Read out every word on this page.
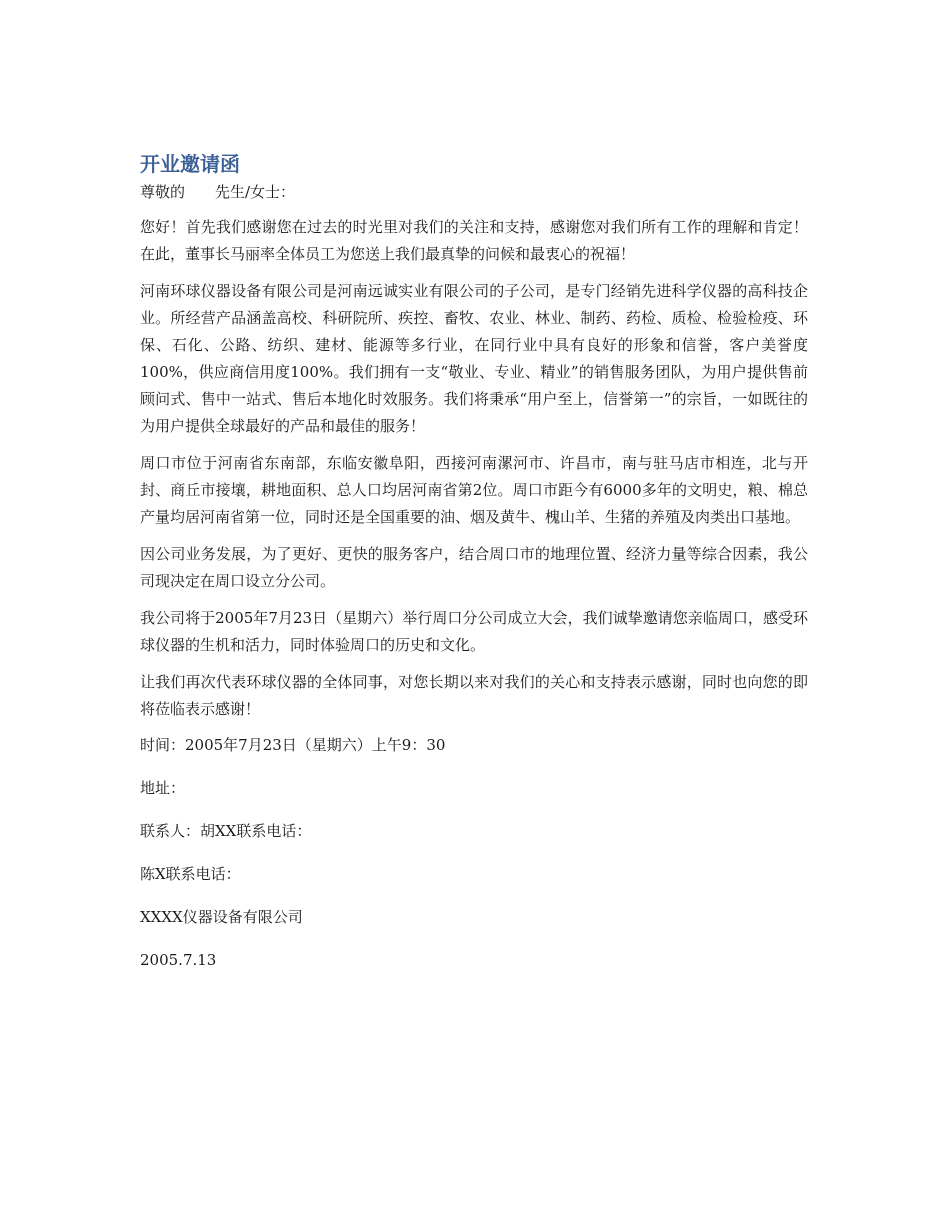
开业邀请函

尊敬的　　先生/女士：

您好！首先我们感谢您在过去的时光里对我们的关注和支持，感谢您对我们所有工作的理解和肯定！在此，董事长马丽率全体员工为您送上我们最真挚的问候和最衷心的祝福！

河南环球仪器设备有限公司是河南远诚实业有限公司的子公司，是专门经销先进科学仪器的高科技企业。所经营产品涵盖高校、科研院所、疾控、畜牧、农业、林业、制药、药检、质检、检验检疫、环保、石化、公路、纺织、建材、能源等多行业，在同行业中具有良好的形象和信誉，客户美誉度100%，供应商信用度100%。我们拥有一支“敬业、专业、精业”的销售服务团队，为用户提供售前顾问式、售中一站式、售后本地化时效服务。我们将秉承“用户至上，信誉第一”的宗旨，一如既往的为用户提供全球最好的产品和最佳的服务！

周口市位于河南省东南部，东临安徽阜阳，西接河南漯河市、许昌市，南与驻马店市相连，北与开封、商丘市接壤，耕地面积、总人口均居河南省第2位。周口市距今有6000多年的文明史，粮、棉总产量均居河南省第一位，同时还是全国重要的油、烟及黄牛、槐山羊、生猪的养殖及肉类出口基地。

因公司业务发展，为了更好、更快的服务客户，结合周口市的地理位置、经济力量等综合因素，我公司现决定在周口设立分公司。

我公司将于2005年7月23日（星期六）举行周口分公司成立大会，我们诚挚邀请您亲临周口，感受环球仪器的生机和活力，同时体验周口的历史和文化。

让我们再次代表环球仪器的全体同事，对您长期以来对我们的关心和支持表示感谢，同时也向您的即将莅临表示感谢！

时间：2005年7月23日（星期六）上午9：30

地址：

联系人：胡XX联系电话：

陈X联系电话：

XXXX仪器设备有限公司

2005.7.13
